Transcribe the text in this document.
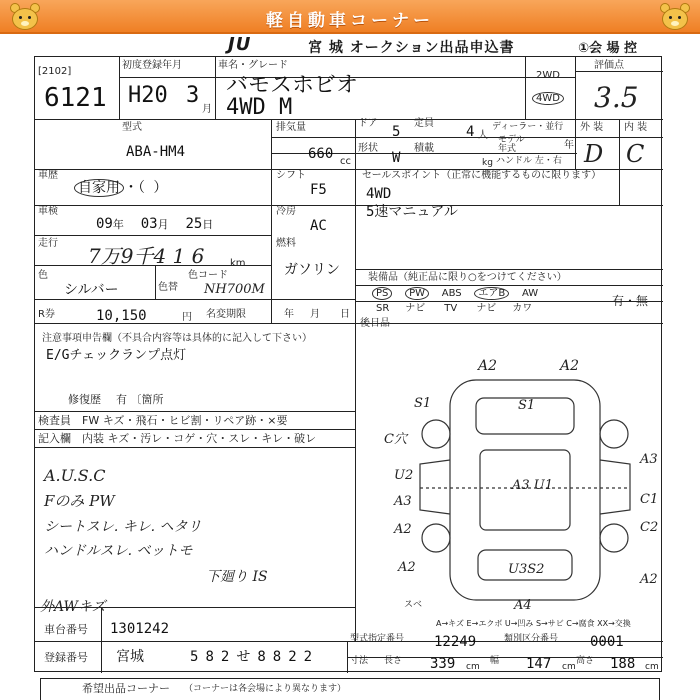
軽自動車コーナー
JU	宮 城 オークション出品申込書	①会 場 控
[2102]
6121
初度登録年月
H20 3
月
車名・グレード
バモスホビオ
4WD M
2WD
4WD
評価点
3.5
型式
ABA-HM4
排気量
660 cc
ドア
5
定員
4 人
ディーラー・並行
モデル
年式	年
形状
W
積載
kg ハンドル 左・右
外 装 内 装
D C
車歴
自家用 ・（ ）
シフト
F5
セールスポイント（正常に機能するものに限ります）
4WD
5速マニュアル
車検
09年 03月 25日
冷房
AC
走行
7万9千4 1 6	km
燃料
ガソリン
色
シルバー	色替
色コード
NH700M
装備品（純正品に限り○をつけてください）
PS PW ABS エアB AW
SR ナビ TV ナビ カワ
有・無
R券	10,150	円 名変期限	年 月 日
後日品
注意事項申告欄（不具合内容等は具体的に記入して下さい）
E/Gチェックランプ点灯
修復歴 有 〔箇所
検査員 FW キズ・飛石・ヒビ割・リペア跡・×要
記入欄 内装 キズ・汚レ・コゲ・穴・スレ・キレ・破レ
A.U.S.C
Fのみ PW
シートスレ. キレ. ヘタリ
ハンドルスレ. ベットモ
下廻り IS
外AWキズ
A2	A2
S1	S1
C穴
U2
A3 U1
A3
C1
A3
A2	C2
A2	U3S2
A4
A2
スベ
A→キズ E→エクボ U→凹み S→サビ C→腐食 XX→交換
車台番号 1301242
登録番号 宮城	582せ8822
型式指定番号 12249	類別区分番号 0001
寸法 長さ 339 cm
幅 147 cm
高さ 188 cm
希望出品コーナー （コーナーは各会場により異なります）
